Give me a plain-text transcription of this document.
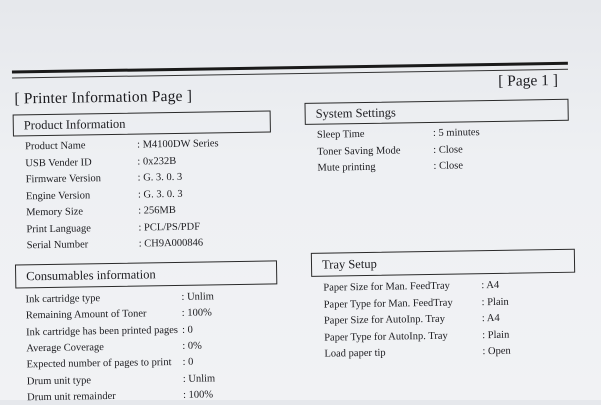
[ Printer Information Page ]
[ Page 1 ]
Product Information
Product Name	: M4100DW Series
USB Vender ID	: 0x232B
Firmware Version	: G. 3. 0. 3
Engine Version	: G. 3. 0. 3
Memory Size	: 256MB
Print Language	: PCL/PS/PDF
Serial Number	: CH9A000846
System Settings
Sleep Time	: 5 minutes
Toner Saving Mode	: Close
Mute printing	: Close
Consumables information
Ink cartridge type	: Unlim
Remaining Amount of Toner	: 100%
Ink cartridge has been printed pages : 0
Average Coverage	: 0%
Expected number of pages to print	: 0
Drum unit type	: Unlim
Drum unit remainder	: 100%
Tray Setup
Paper Size for Man. FeedTray	: A4
Paper Type for Man. FeedTray	: Plain
Paper Size for AutoInp. Tray	: A4
Paper Type for AutoInp. Tray	: Plain
Load paper tip	: Open
